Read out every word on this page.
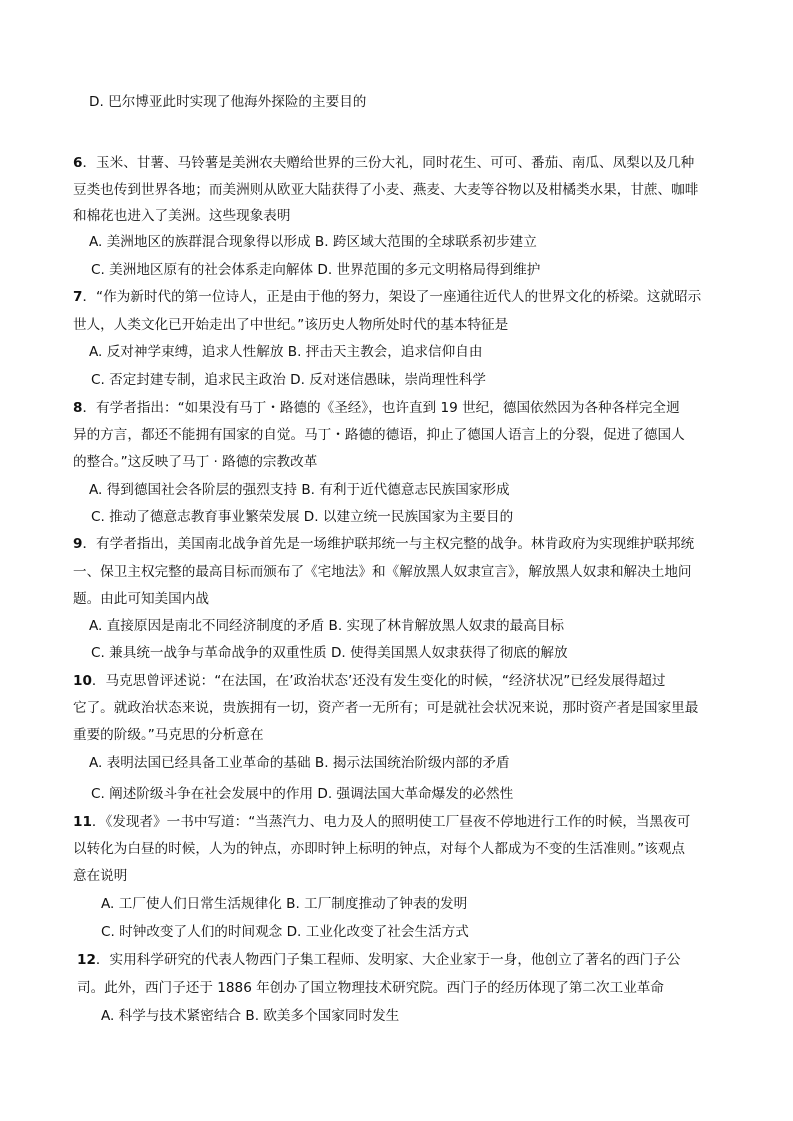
D. 巴尔博亚此时实现了他海外探险的主要目的
6．玉米、甘薯、马铃薯是美洲农夫赠给世界的三份大礼，同时花生、可可、番茄、南瓜、凤梨以及几种
豆类也传到世界各地；而美洲则从欧亚大陆获得了小麦、燕麦、大麦等谷物以及柑橘类水果，甘蔗、咖啡
和棉花也进入了美洲。这些现象表明
A. 美洲地区的族群混合现象得以形成 B. 跨区域大范围的全球联系初步建立
C. 美洲地区原有的社会体系走向解体 D. 世界范围的多元文明格局得到维护
7．“作为新时代的第一位诗人，正是由于他的努力，架设了一座通往近代人的世界文化的桥梁。这就昭示
世人，人类文化已开始走出了中世纪。”该历史人物所处时代的基本特征是
A. 反对神学束缚，追求人性解放 B. 抨击天主教会，追求信仰自由
C. 否定封建专制，追求民主政治 D. 反对迷信愚昧，崇尚理性科学
8．有学者指出：“如果没有马丁・路德的《圣经》，也许直到 19 世纪，德国依然因为各种各样完全迥
异的方言，都还不能拥有国家的自觉。马丁・路德的德语，抑止了德国人语言上的分裂，促进了德国人
的整合。”这反映了马丁 · 路德的宗教改革
A. 得到德国社会各阶层的强烈支持 B. 有利于近代德意志民族国家形成
C. 推动了德意志教育事业繁荣发展 D. 以建立统一民族国家为主要目的
9．有学者指出，美国南北战争首先是一场维护联邦统一与主权完整的战争。林肯政府为实现维护联邦统
一、保卫主权完整的最高目标而颁布了《宅地法》和《解放黑人奴隶宣言》，解放黑人奴隶和解决土地问
题。由此可知美国内战
A. 直接原因是南北不同经济制度的矛盾 B. 实现了林肯解放黑人奴隶的最高目标
C. 兼具统一战争与革命战争的双重性质 D. 使得美国黑人奴隶获得了彻底的解放
10．马克思曾评述说：“在法国，在’政治状态’还没有发生变化的时候，“经济状况”已经发展得超过
它了。就政治状态来说，贵族拥有一切，资产者一无所有；可是就社会状况来说，那时资产者是国家里最
重要的阶级。”马克思的分析意在
A. 表明法国已经具备工业革命的基础 B. 揭示法国统治阶级内部的矛盾
C. 阐述阶级斗争在社会发展中的作用 D. 强调法国大革命爆发的必然性
11．《发现者》一书中写道：“当蒸汽力、电力及人的照明使工厂昼夜不停地进行工作的时候，当黑夜可
以转化为白昼的时候，人为的钟点，亦即时钟上标明的钟点，对每个人都成为不变的生活准则。”该观点
意在说明
A. 工厂使人们日常生活规律化 B. 工厂制度推动了钟表的发明
C. 时钟改变了人们的时间观念 D. 工业化改变了社会生活方式
12．实用科学研究的代表人物西门子集工程师、发明家、大企业家于一身，他创立了著名的西门子公
司。此外，西门子还于 1886 年创办了国立物理技术研究院。西门子的经历体现了第二次工业革命
A. 科学与技术紧密结合 B. 欧美多个国家同时发生
